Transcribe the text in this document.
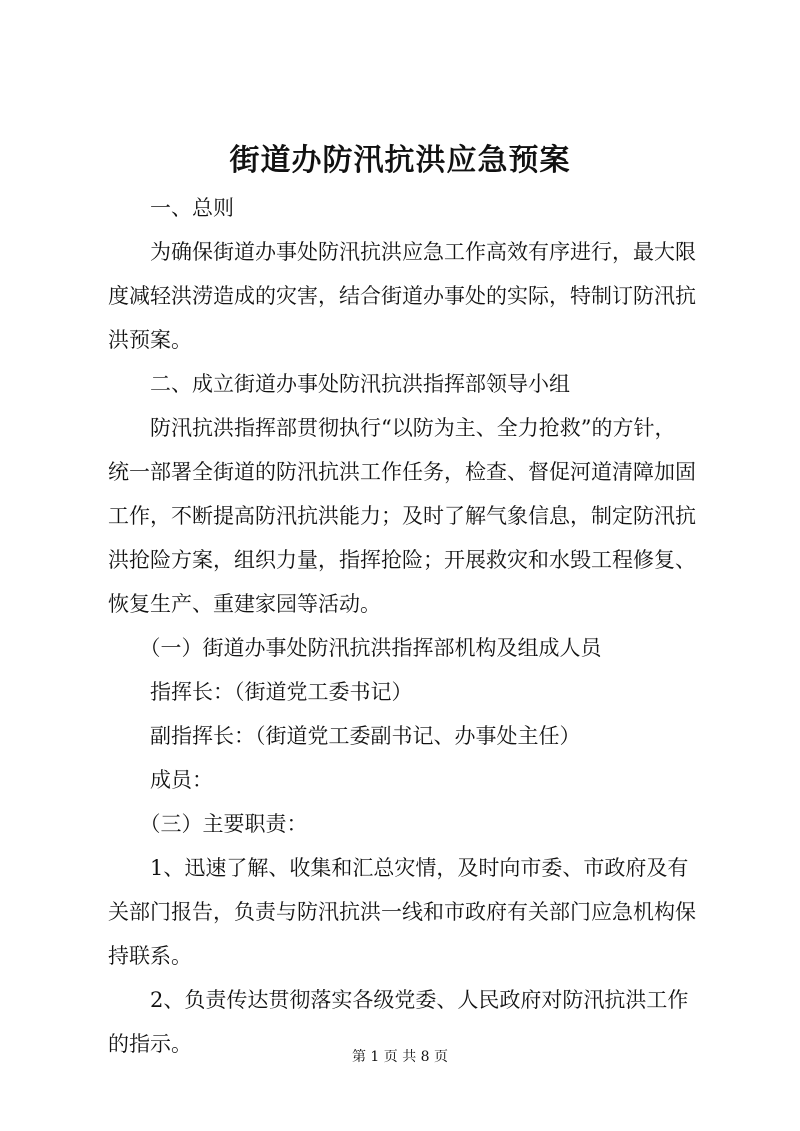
街道办防汛抗洪应急预案
　　一、总则
　　为确保街道办事处防汛抗洪应急工作高效有序进行，最大限
度减轻洪涝造成的灾害，结合街道办事处的实际，特制订防汛抗
洪预案。
　　二、成立街道办事处防汛抗洪指挥部领导小组
　　防汛抗洪指挥部贯彻执行“以防为主、全力抢救”的方针，
统一部署全街道的防汛抗洪工作任务，检查、督促河道清障加固
工作，不断提高防汛抗洪能力；及时了解气象信息，制定防汛抗
洪抢险方案，组织力量，指挥抢险；开展救灾和水毁工程修复、
恢复生产、重建家园等活动。
　　（一）街道办事处防汛抗洪指挥部机构及组成人员
　　指挥长：（街道党工委书记）
　　副指挥长：（街道党工委副书记、办事处主任）
　　成员：
　　（三）主要职责：
　　1、迅速了解、收集和汇总灾情，及时向市委、市政府及有
关部门报告，负责与防汛抗洪一线和市政府有关部门应急机构保
持联系。
　　2、负责传达贯彻落实各级党委、人民政府对防汛抗洪工作
的指示。
第 1 页 共 8 页
